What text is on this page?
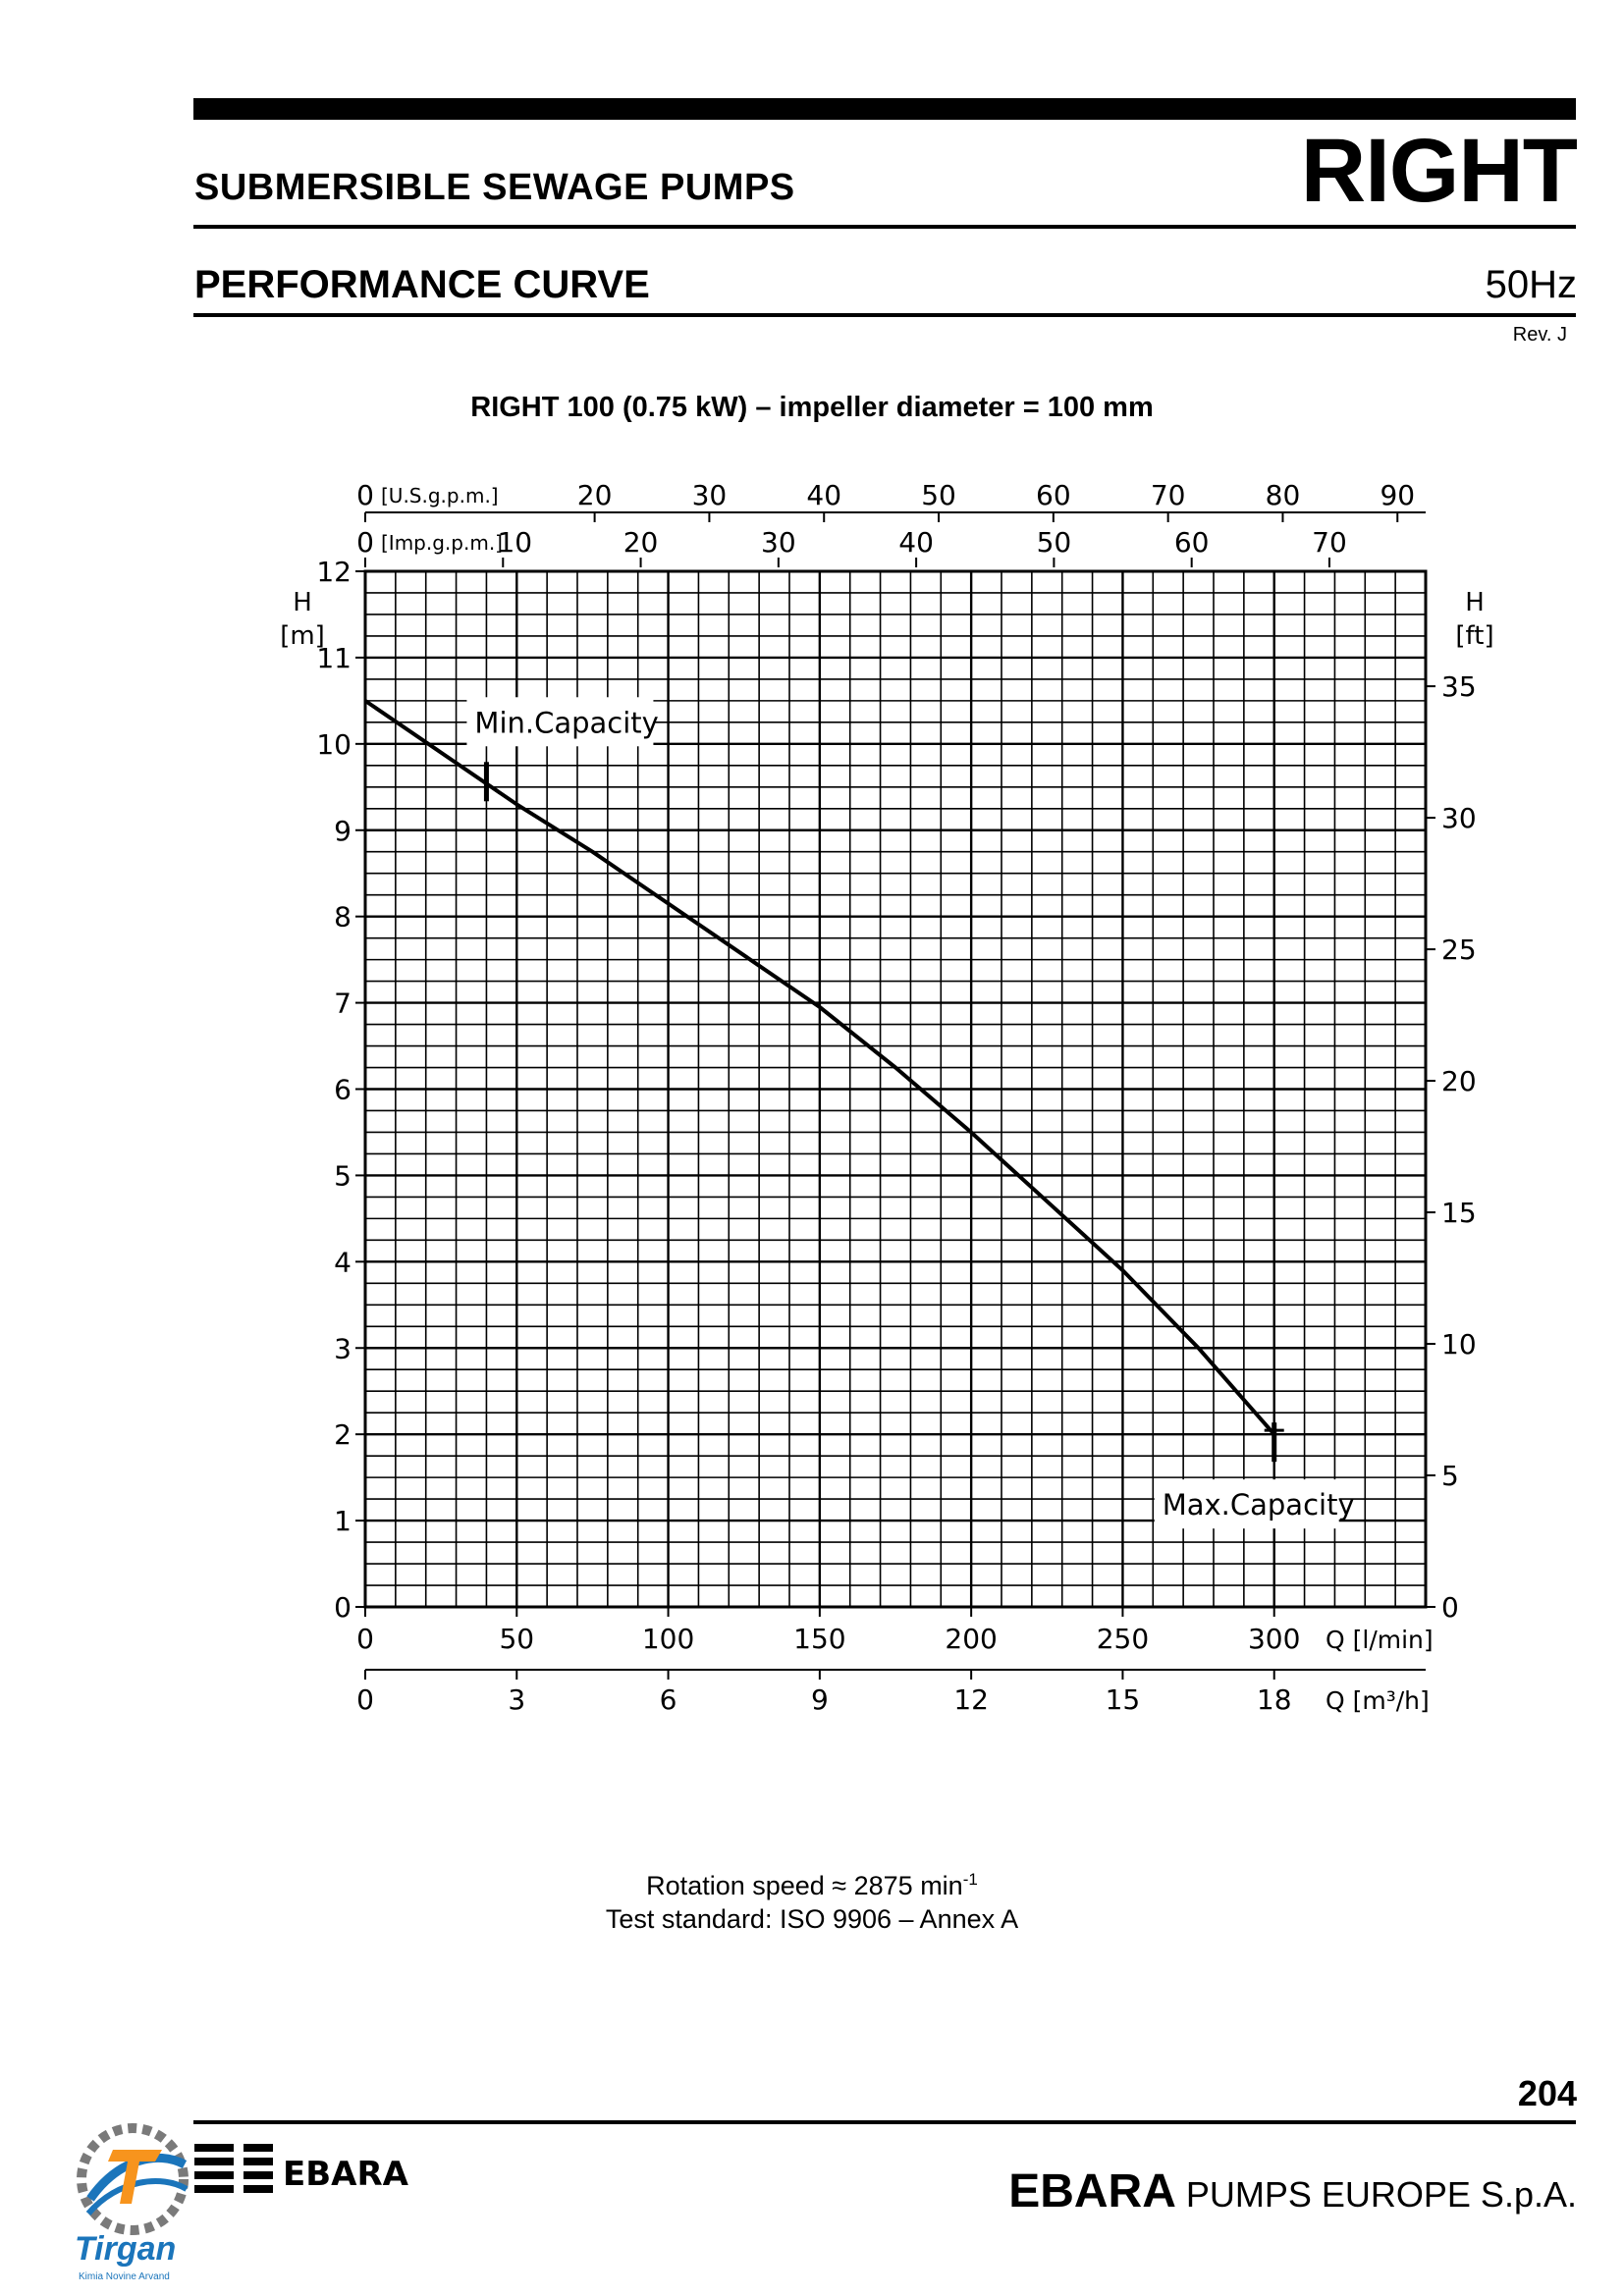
SUBMERSIBLE SEWAGE PUMPS	RIGHT
PERFORMANCE CURVE	50Hz
Rev. J
RIGHT 100 (0.75 kW) – impeller diameter = 100 mm
0
1
2
3
4
5
6
7
8
9
10
11
12
H
[m]
0
5
10
15
20
25
30
35
H
[ft]
0	50	100	150	200	250	300 Q [l/min]
0	3	6	9	12	15	18 Q [m³/h]
0	20	30	40	50	60	70	80	90
[U.S.g.p.m.]
0	10	20	30	40	50	60	70
[Imp.g.p.m.]
Min.Capacity
Max.Capacity
Rotation speed ≈ 2875 $\min^{-1}$
Test standard: ISO 9906 – Annex A
204
EBARA	EBARA PUMPS EUROPE S.p.A.
Tirgan
Kimia Novine Arvand
